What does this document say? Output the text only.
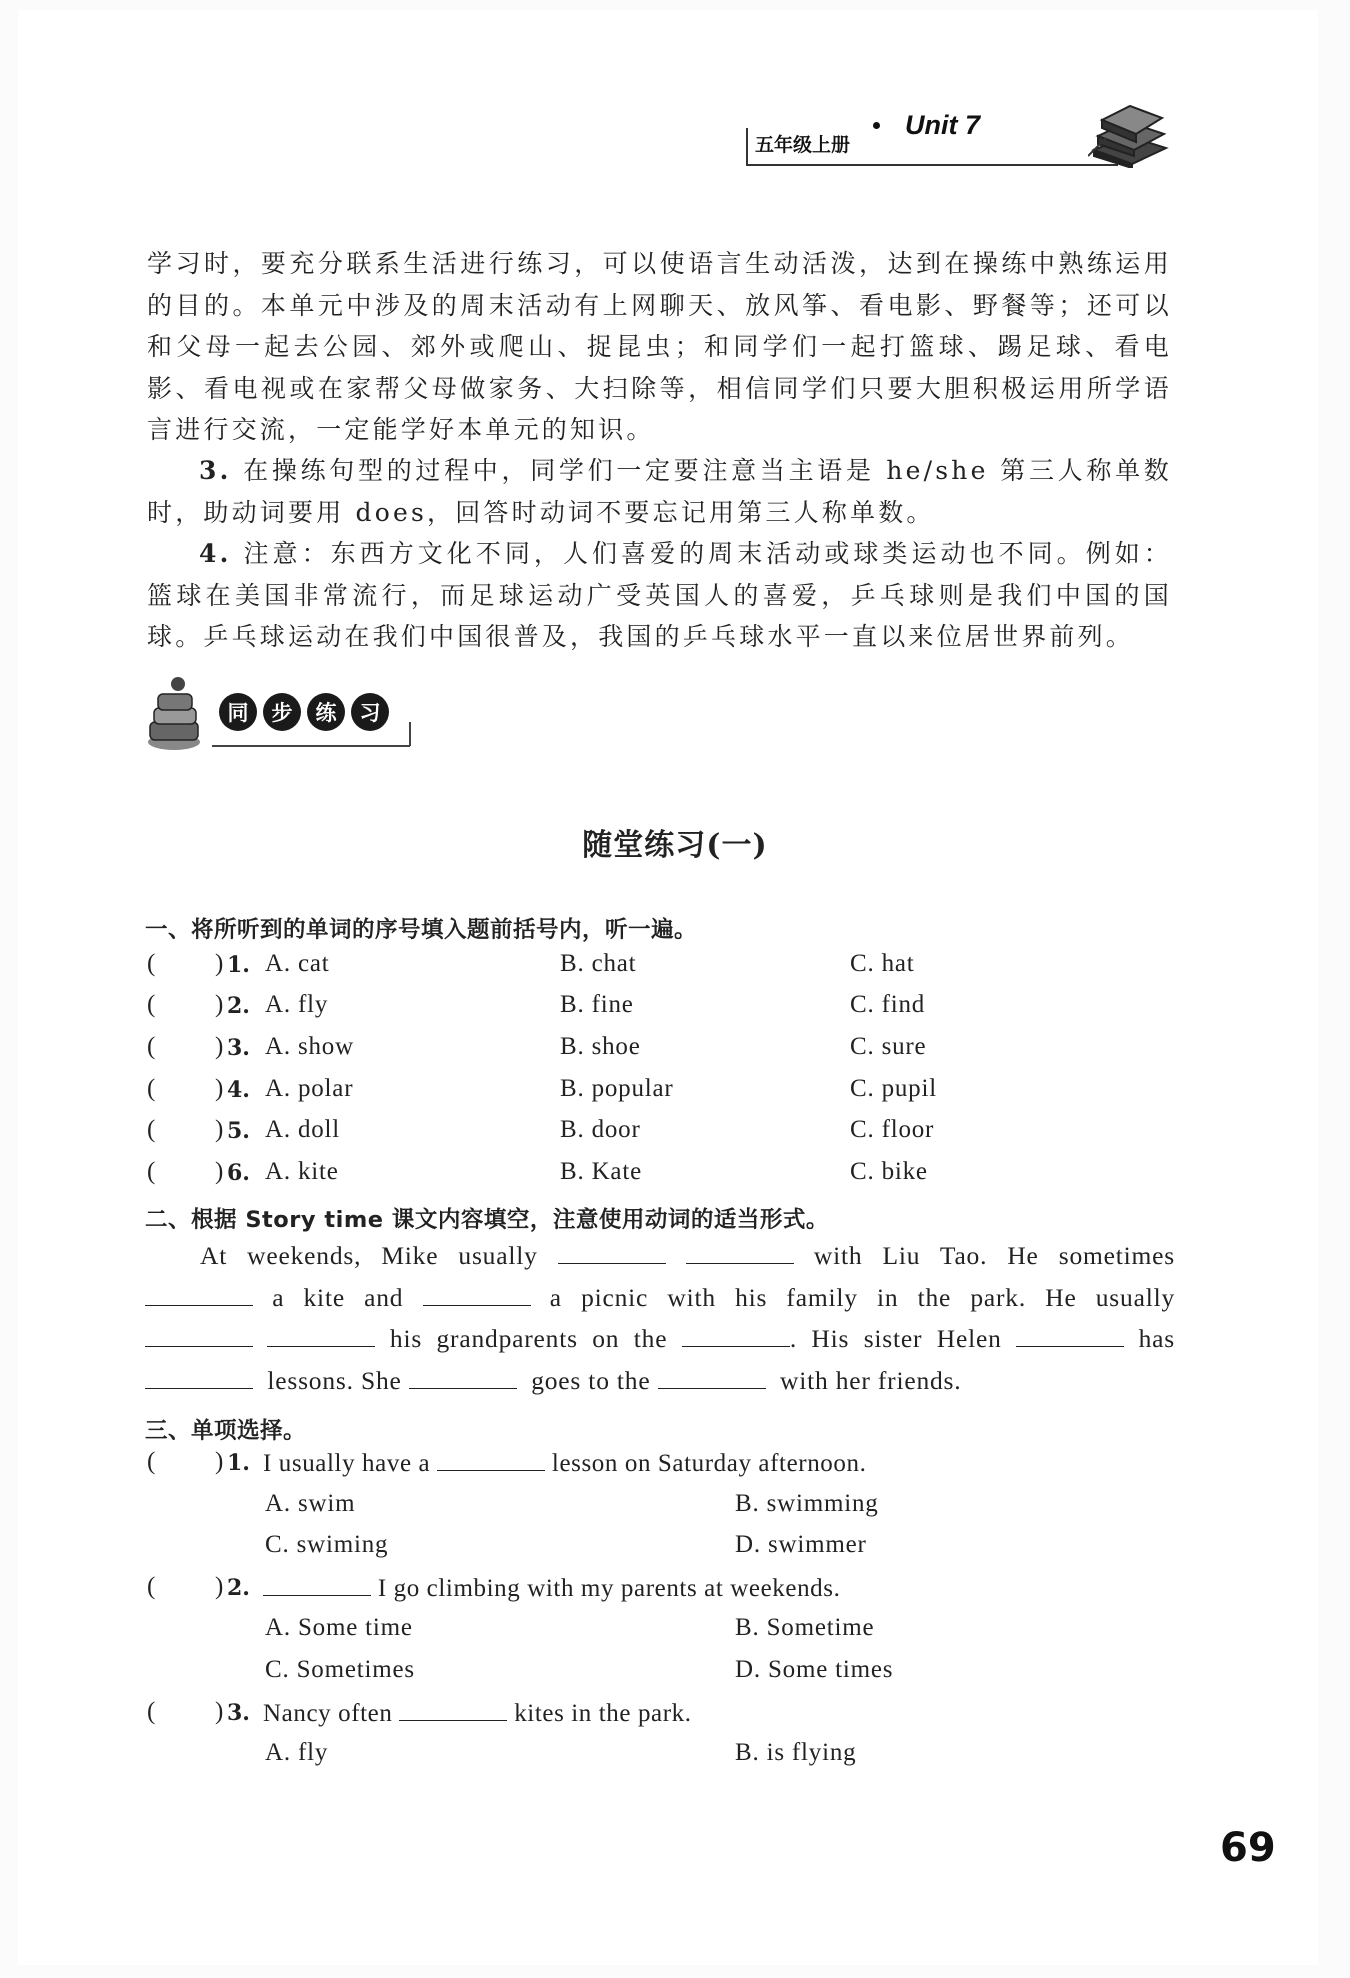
Unit 7
五年级上册
学习时，要充分联系生活进行练习，可以使语言生动活泼，达到在操练中熟练运用的目的。本单元中涉及的周末活动有上网聊天、放风筝、看电影、野餐等；还可以和父母一起去公园、郊外或爬山、捉昆虫；和同学们一起打篮球、踢足球、看电影、看电视或在家帮父母做家务、大扫除等，相信同学们只要大胆积极运用所学语言进行交流，一定能学好本单元的知识。
3. 在操练句型的过程中，同学们一定要注意当主语是 he/she 第三人称单数时，助动词要用 does，回答时动词不要忘记用第三人称单数。
4. 注意：东西方文化不同，人们喜爱的周末活动或球类运动也不同。例如：篮球在美国非常流行，而足球运动广受英国人的喜爱，乒乓球则是我们中国的国球。乒乓球运动在我们中国很普及，我国的乒乓球水平一直以来位居世界前列。
同 步 练 习
随堂练习(一)
一、将所听到的单词的序号填入题前括号内，听一遍。
( ) 1. A. cat	B. chat	C. hat
( ) 2. A. fly	B. fine	C. find
( ) 3. A. show	B. shoe	C. sure
( ) 4. A. polar	B. popular	C. pupil
( ) 5. A. doll	B. door	C. floor
( ) 6. A. kite	B. Kate	C. bike
二、根据 Story time 课文内容填空，注意使用动词的适当形式。
At weekends, Mike usually	with Liu Tao. He sometimes
a kite and	a picnic with his family in the park. He usually
his grandparents on the	. His sister Helen	has
lessons. She	goes to the	with her friends.
三、单项选择。
( ) 1. I usually have a	lesson on Saturday afternoon.
A. swim	B. swimming
C. swiming	D. swimmer
( ) 2.	I go climbing with my parents at weekends.
A. Some time	B. Sometime
C. Sometimes	D. Some times
( ) 3. Nancy often	kites in the park.
A. fly	B. is flying
69
